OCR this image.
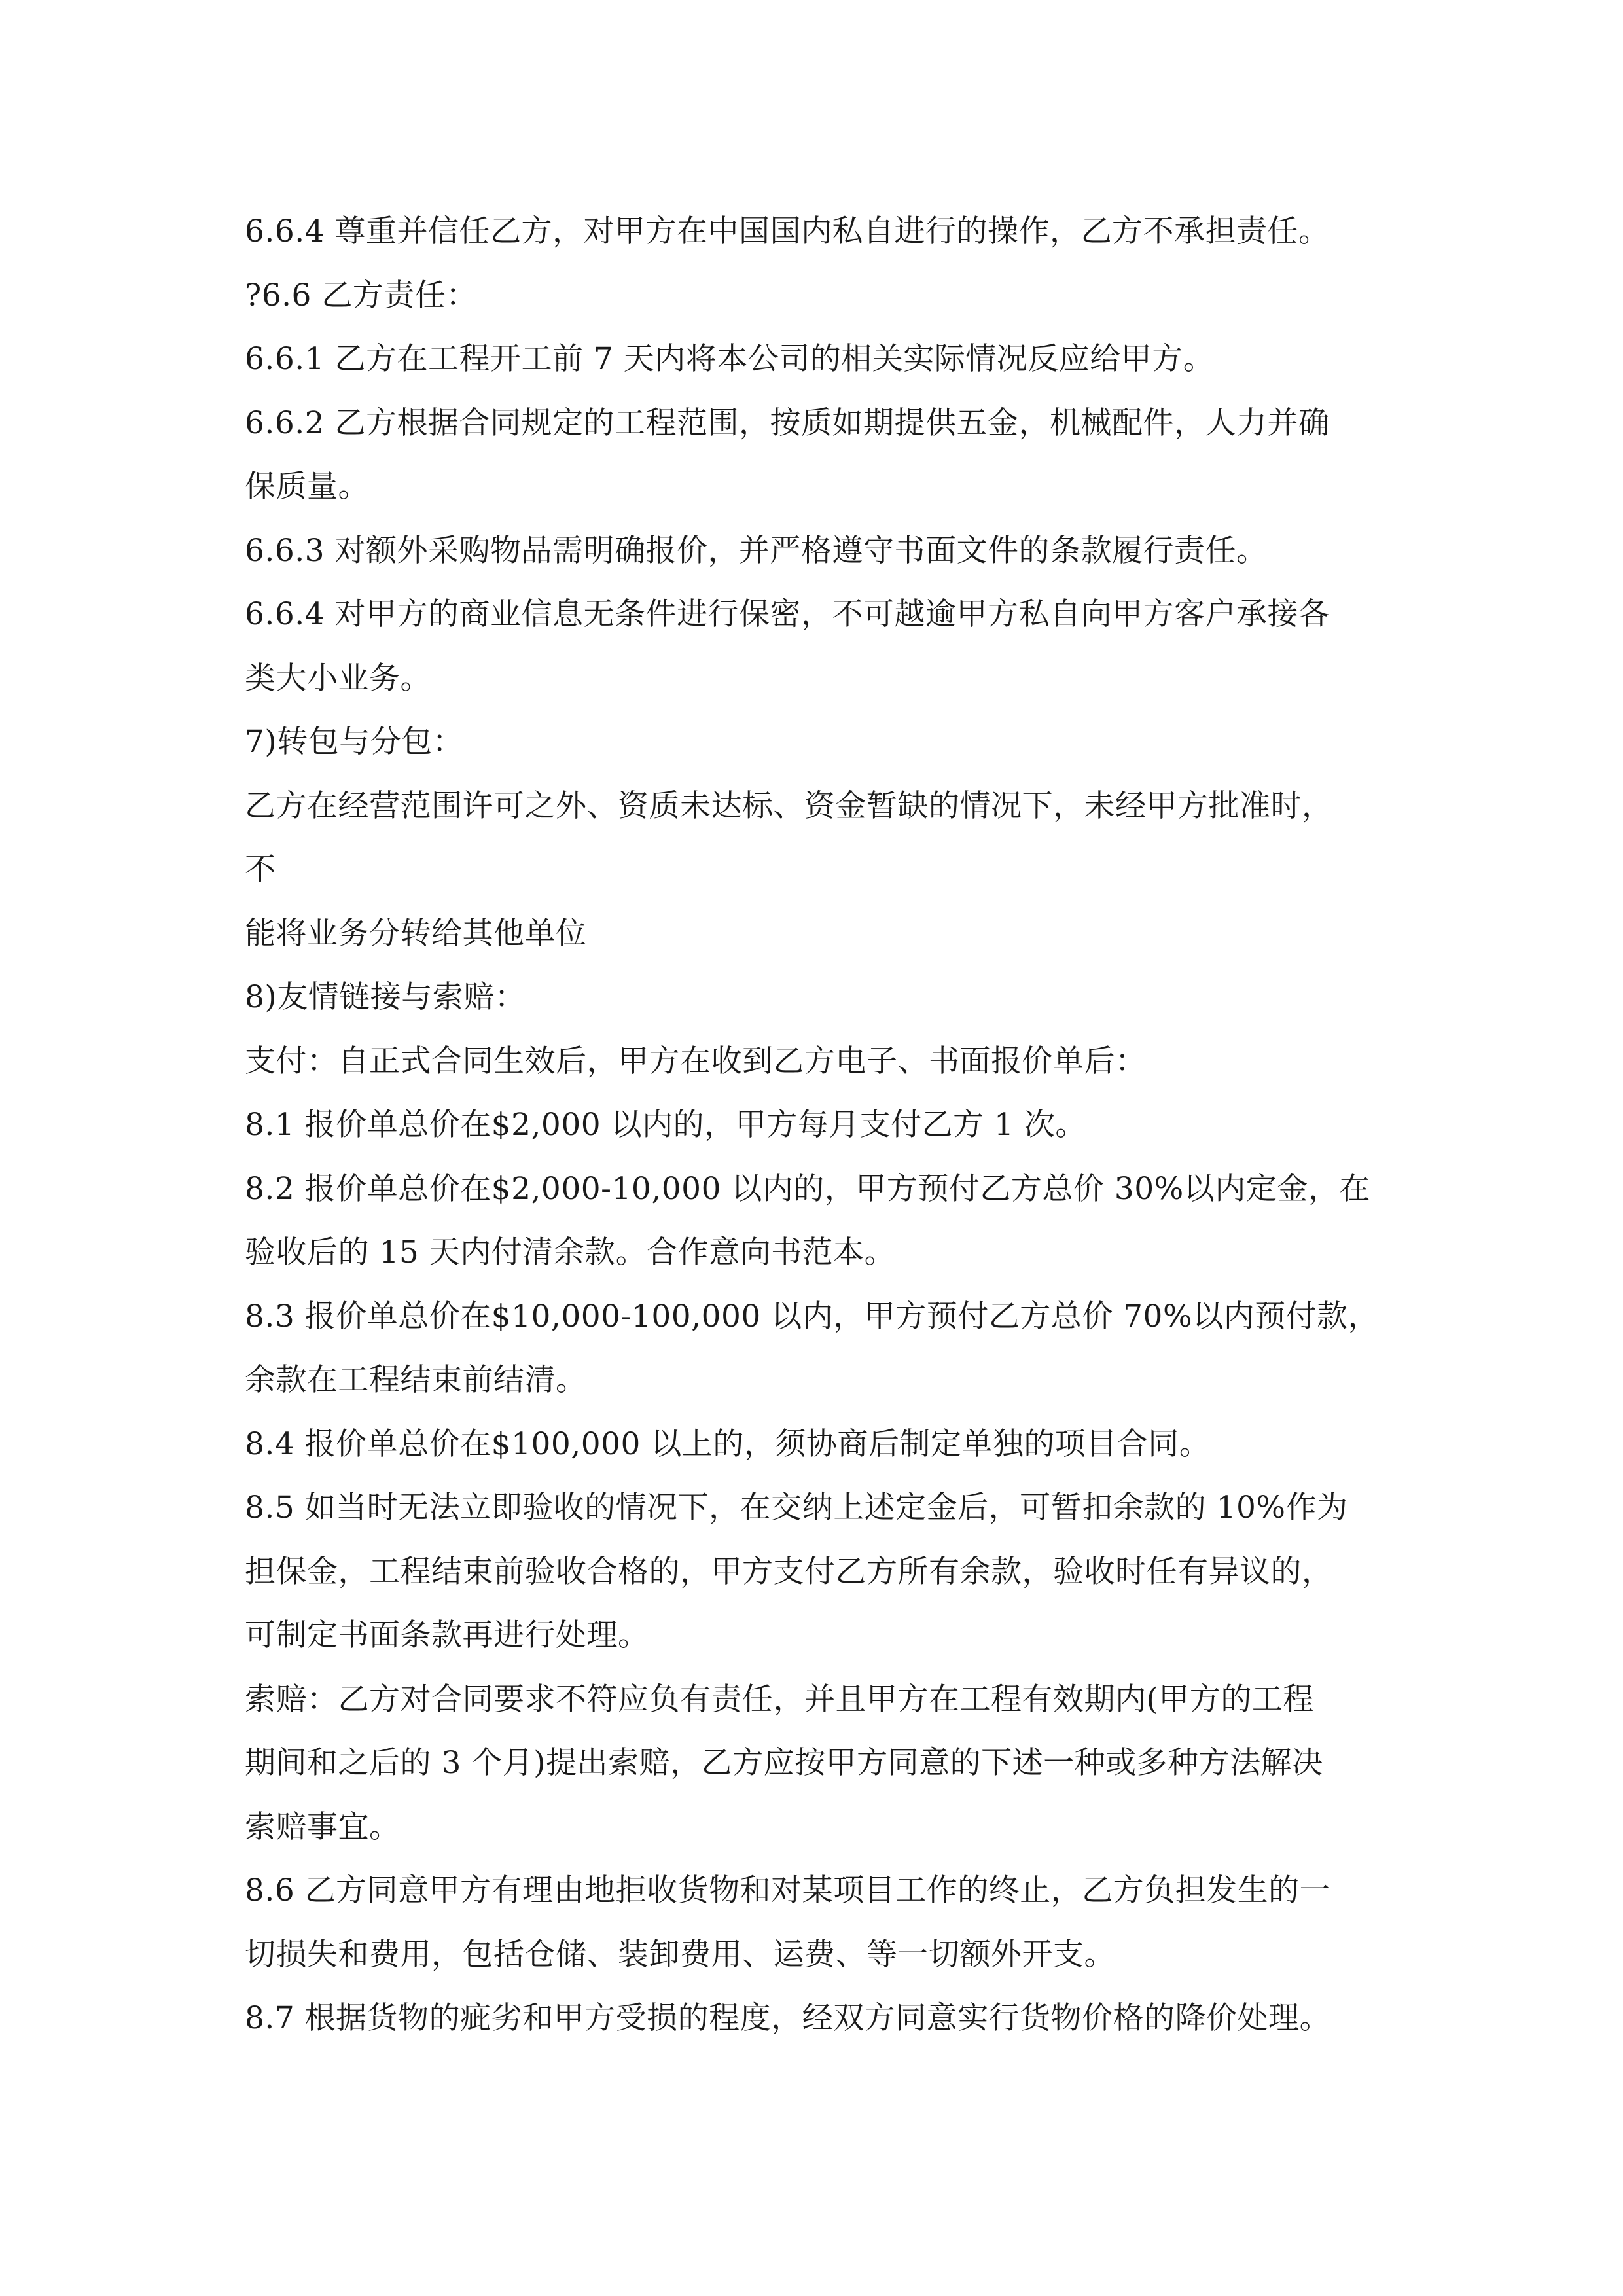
6.6.4 尊重并信任乙方，对甲方在中国国内私自进行的操作，乙方不承担责任。
?6.6 乙方责任：
6.6.1 乙方在工程开工前 7 天内将本公司的相关实际情况反应给甲方。
6.6.2 乙方根据合同规定的工程范围，按质如期提供五金，机械配件，人力并确
保质量。
6.6.3 对额外采购物品需明确报价，并严格遵守书面文件的条款履行责任。
6.6.4 对甲方的商业信息无条件进行保密，不可越逾甲方私自向甲方客户承接各
类大小业务。
7)转包与分包：
乙方在经营范围许可之外、资质未达标、资金暂缺的情况下，未经甲方批准时，
不
能将业务分转给其他单位
8)友情链接与索赔：
支付：自正式合同生效后，甲方在收到乙方电子、书面报价单后：
8.1 报价单总价在$2,000 以内的，甲方每月支付乙方 1 次。
8.2 报价单总价在$2,000-10,000 以内的，甲方预付乙方总价 30%以内定金，在
验收后的 15 天内付清余款。合作意向书范本。
8.3 报价单总价在$10,000-100,000 以内，甲方预付乙方总价 70%以内预付款，
余款在工程结束前结清。
8.4 报价单总价在$100,000 以上的，须协商后制定单独的项目合同。
8.5 如当时无法立即验收的情况下，在交纳上述定金后，可暂扣余款的 10%作为
担保金，工程结束前验收合格的，甲方支付乙方所有余款，验收时任有异议的，
可制定书面条款再进行处理。
索赔：乙方对合同要求不符应负有责任，并且甲方在工程有效期内(甲方的工程
期间和之后的 3 个月)提出索赔，乙方应按甲方同意的下述一种或多种方法解决
索赔事宜。
8.6 乙方同意甲方有理由地拒收货物和对某项目工作的终止，乙方负担发生的一
切损失和费用，包括仓储、装卸费用、运费、等一切额外开支。
8.7 根据货物的疵劣和甲方受损的程度，经双方同意实行货物价格的降价处理。
